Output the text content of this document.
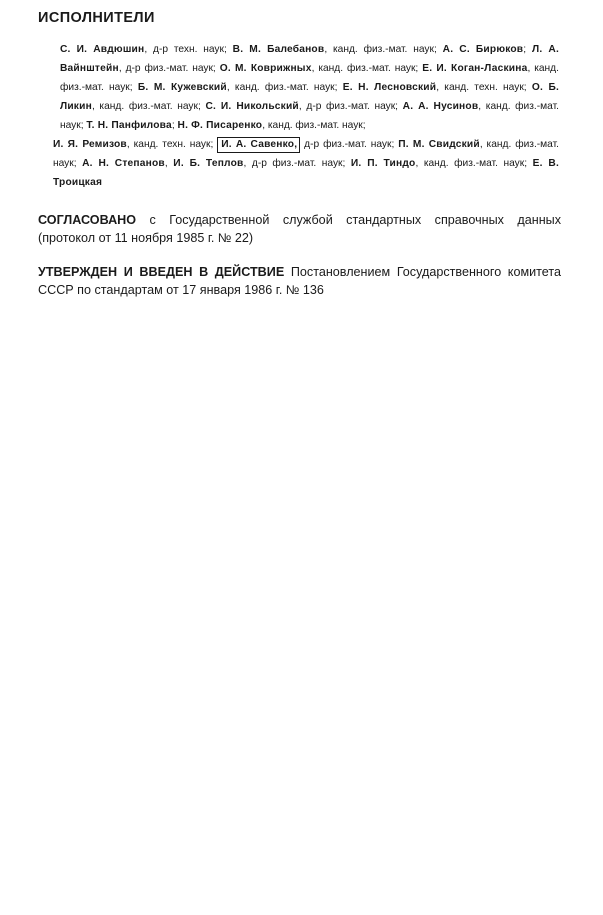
ИСПОЛНИТЕЛИ
С. И. Авдюшин, д-р техн. наук; В. М. Балебанов, канд. физ.-мат. наук; А. С. Бирюков; Л. А. Вайнштейн, д-р физ.-мат. наук; О. М. Коврижных, канд. физ.-мат. наук; Е. И. Коган-Ласкина, канд. физ.-мат. наук; Б. М. Кужевский, канд. физ.-мат. наук; Е. Н. Лесновский, канд. техн. наук; О. Б. Ликин, канд. физ.-мат. наук; С. И. Никольский, д-р физ.-мат. наук; А. А. Нусинов, канд. физ.-мат. наук; Т. Н. Панфилова; Н. Ф. Писаренко, канд. физ.-мат. наук;
И. Я. Ремизов, канд. техн. наук; И. А. Савенко, д-р физ.-мат. наук; П. М. Свидский, канд. физ.-мат. наук; А. Н. Степанов, И. Б. Теплов, д-р физ.-мат. наук; И. П. Тиндо, канд. физ.-мат. наук; Е. В. Троицкая
СОГЛАСОВАНО с Государственной службой стандартных справочных данных (протокол от 11 ноября 1985 г. № 22)
УТВЕРЖДЕН И ВВЕДЕН В ДЕЙСТВИЕ Постановлением Государственного комитета СССР по стандартам от 17 января 1986 г. № 136
